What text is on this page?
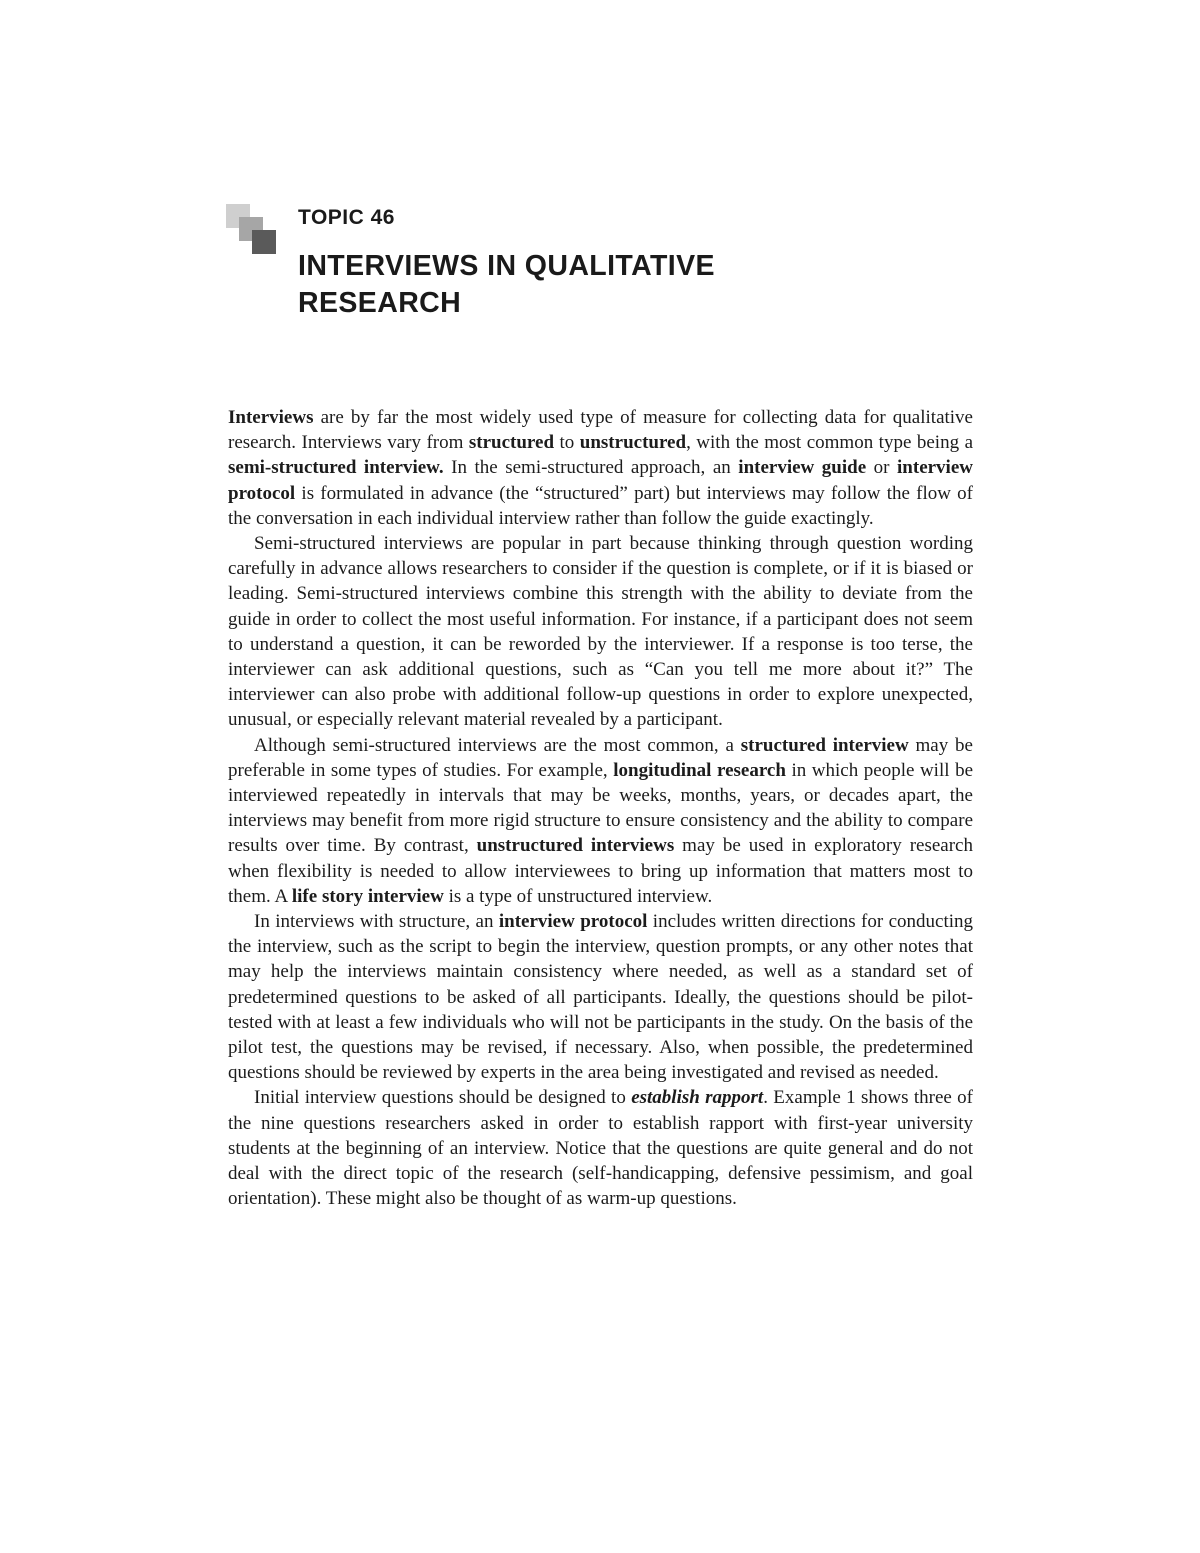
TOPIC 46

INTERVIEWS IN QUALITATIVE
RESEARCH

Interviews are by far the most widely used type of measure for collecting data for qualitative research. Interviews vary from structured to unstructured, with the most common type being a semi-structured interview. In the semi-structured approach, an interview guide or interview protocol is formulated in advance (the “structured” part) but interviews may follow the flow of the conversation in each individual interview rather than follow the guide exactingly.

Semi-structured interviews are popular in part because thinking through question wording carefully in advance allows researchers to consider if the question is complete, or if it is biased or leading. Semi-structured interviews combine this strength with the ability to deviate from the guide in order to collect the most useful information. For instance, if a participant does not seem to understand a question, it can be reworded by the interviewer. If a response is too terse, the interviewer can ask additional questions, such as “Can you tell me more about it?” The interviewer can also probe with additional follow-up questions in order to explore unexpected, unusual, or especially relevant material revealed by a participant.

Although semi-structured interviews are the most common, a structured interview may be preferable in some types of studies. For example, longitudinal research in which people will be interviewed repeatedly in intervals that may be weeks, months, years, or decades apart, the interviews may benefit from more rigid structure to ensure consistency and the ability to compare results over time. By contrast, unstructured interviews may be used in exploratory research when flexibility is needed to allow interviewees to bring up information that matters most to them. A life story interview is a type of unstructured interview.

In interviews with structure, an interview protocol includes written directions for conducting the interview, such as the script to begin the interview, question prompts, or any other notes that may help the interviews maintain consistency where needed, as well as a standard set of predetermined questions to be asked of all participants. Ideally, the questions should be pilot-tested with at least a few individuals who will not be participants in the study. On the basis of the pilot test, the questions may be revised, if necessary. Also, when possible, the predetermined questions should be reviewed by experts in the area being investigated and revised as needed.

Initial interview questions should be designed to establish rapport. Example 1 shows three of the nine questions researchers asked in order to establish rapport with first-year university students at the beginning of an interview. Notice that the questions are quite general and do not deal with the direct topic of the research (self-handicapping, defensive pessimism, and goal orientation). These might also be thought of as warm-up questions.
